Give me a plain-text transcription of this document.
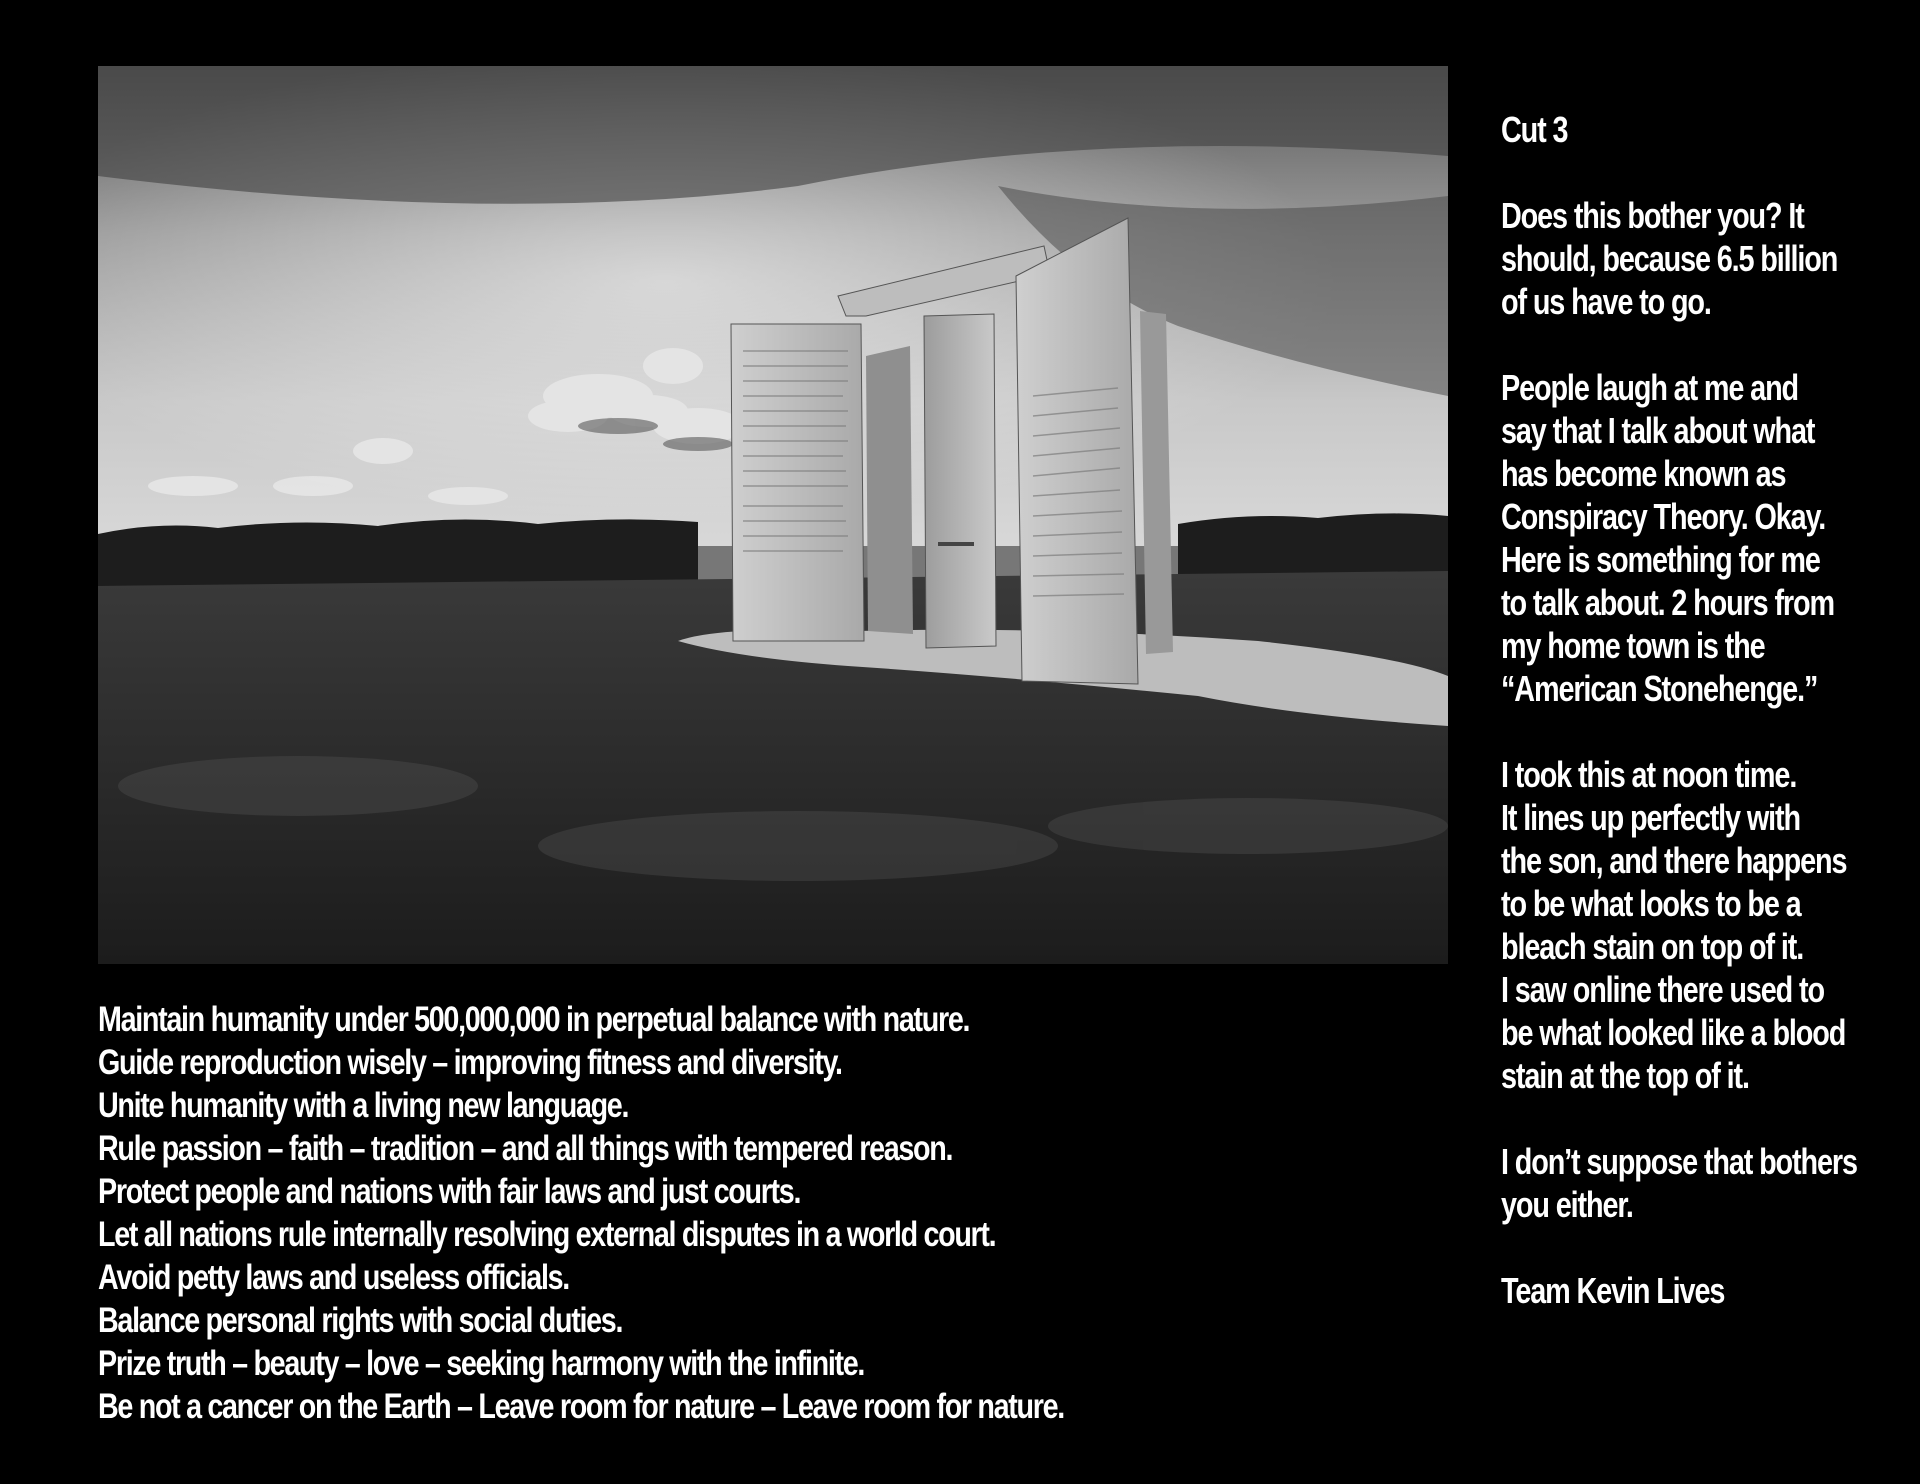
Maintain humanity under 500,000,000 in perpetual balance with nature.
Guide reproduction wisely – improving fitness and diversity.
Unite humanity with a living new language.
Rule passion – faith – tradition – and all things with tempered reason.
Protect people and nations with fair laws and just courts.
Let all nations rule internally resolving external disputes in a world court.
Avoid petty laws and useless officials.
Balance personal rights with social duties.
Prize truth – beauty – love – seeking harmony with the infinite.
Be not a cancer on the Earth – Leave room for nature – Leave room for nature.
Cut 3
Does this bother you? It
should, because 6.5 billion
of us have to go.
People laugh at me and
say that I talk about what
has become known as
Conspiracy Theory. Okay.
Here is something for me
to talk about. 2 hours from
my home town is the
“American Stonehenge.”
I took this at noon time.
It lines up perfectly with
the son, and there happens
to be what looks to be a
bleach stain on top of it.
I saw online there used to
be what looked like a blood
stain at the top of it.
I don’t suppose that bothers
you either.
Team Kevin Lives
